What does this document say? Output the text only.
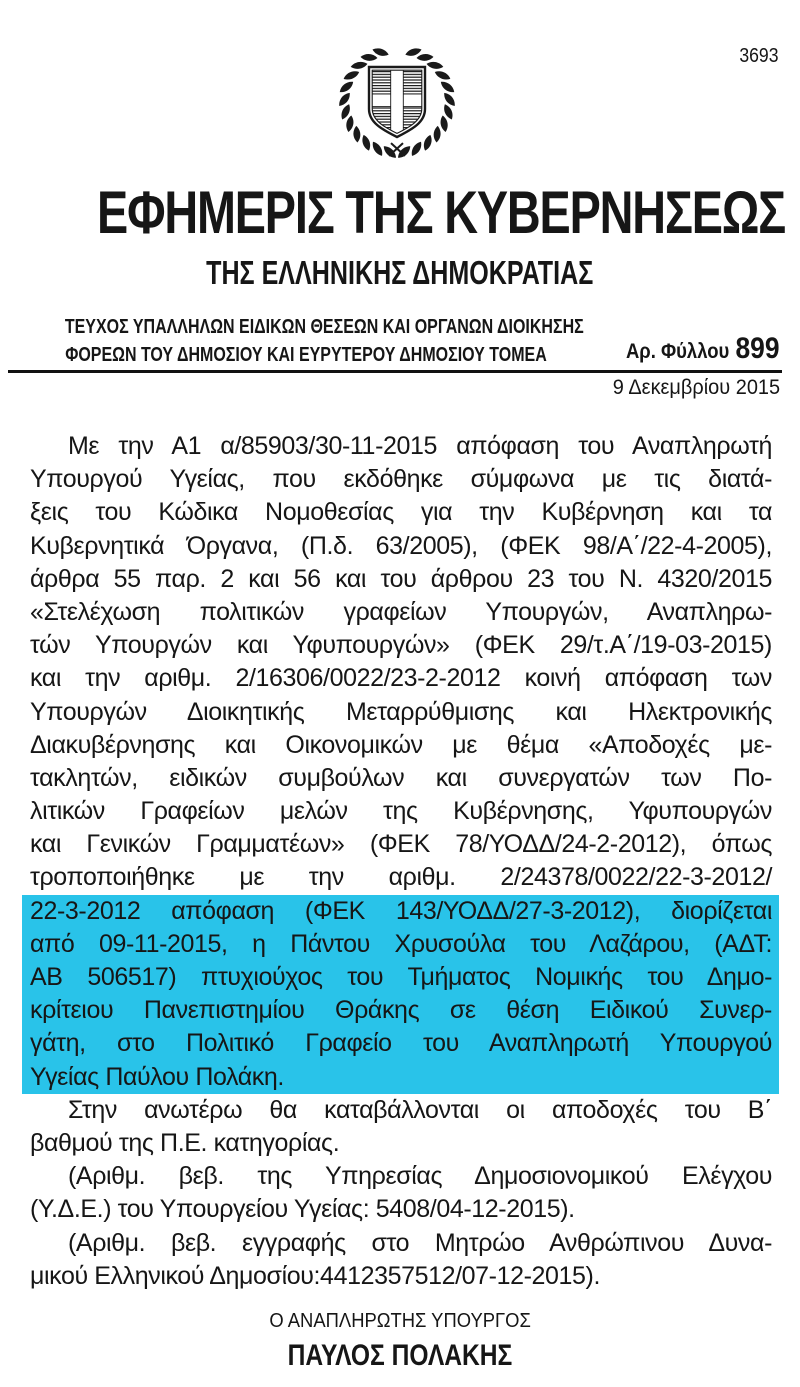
3693
ΕΦΗΜΕΡΙΣ ΤΗΣ ΚΥΒΕΡΝΗΣΕΩΣ
ΤΗΣ ΕΛΛΗΝΙΚΗΣ ΔΗΜΟΚΡΑΤΙΑΣ
ΤΕΥΧΟΣ ΥΠΑΛΛΗΛΩΝ ΕΙΔΙΚΩΝ ΘΕΣΕΩΝ ΚΑΙ ΟΡΓΑΝΩΝ ΔΙΟΙΚΗΣΗΣ
ΦΟΡΕΩΝ ΤΟΥ ΔΗΜΟΣΙΟΥ ΚΑΙ ΕΥΡΥΤΕΡΟΥ ΔΗΜΟΣΙΟΥ ΤΟΜΕΑ	Αρ. Φύλλου 899
9 Δεκεμβρίου 2015
Με την Α1 α/85903/30-11-2015 απόφαση του Αναπληρωτή
Υπουργού Υγείας, που εκδόθηκε σύμφωνα με τις διατά-
ξεις του Κώδικα Νομοθεσίας για την Κυβέρνηση και τα
Κυβερνητικά Όργανα, (Π.δ. 63/2005), (ΦΕΚ 98/Α΄/22-4-2005),
άρθρα 55 παρ. 2 και 56 και του άρθρου 23 του Ν. 4320/2015
«Στελέχωση πολιτικών γραφείων Υπουργών, Αναπληρω-
τών Υπουργών και Υφυπουργών» (ΦΕΚ 29/τ.Α΄/19-03-2015)
και την αριθμ. 2/16306/0022/23-2-2012 κοινή απόφαση των
Υπουργών Διοικητικής Μεταρρύθμισης και Ηλεκτρονικής
Διακυβέρνησης και Οικονομικών με θέμα «Αποδοχές με-
τακλητών, ειδικών συμβούλων και συνεργατών των Πο-
λιτικών Γραφείων μελών της Κυβέρνησης, Υφυπουργών
και Γενικών Γραμματέων» (ΦΕΚ 78/ΥΟΔΔ/24-2-2012), όπως
τροποποιήθηκε με την αριθμ. 2/24378/0022/22-3-2012/
22-3-2012 απόφαση (ΦΕΚ 143/ΥΟΔΔ/27-3-2012), διορίζεται
από 09-11-2015, η Πάντου Χρυσούλα του Λαζάρου, (ΑΔΤ:
ΑΒ 506517) πτυχιούχος του Τμήματος Νομικής του Δημο-
κρίτειου Πανεπιστημίου Θράκης σε θέση Ειδικού Συνερ-
γάτη, στο Πολιτικό Γραφείο του Αναπληρωτή Υπουργού
Υγείας Παύλου Πολάκη.
Στην ανωτέρω θα καταβάλλονται οι αποδοχές του Β΄
βαθμού της Π.Ε. κατηγορίας.
(Αριθμ. βεβ. της Υπηρεσίας Δημοσιονομικού Ελέγχου
(Υ.Δ.Ε.) του Υπουργείου Υγείας: 5408/04-12-2015).
(Αριθμ. βεβ. εγγραφής στο Μητρώο Ανθρώπινου Δυνα-
μικού Ελληνικού Δημοσίου:4412357512/07-12-2015).
Ο ΑΝΑΠΛΗΡΩΤΗΣ ΥΠΟΥΡΓΟΣ
ΠΑΥΛΟΣ ΠΟΛΑΚΗΣ
